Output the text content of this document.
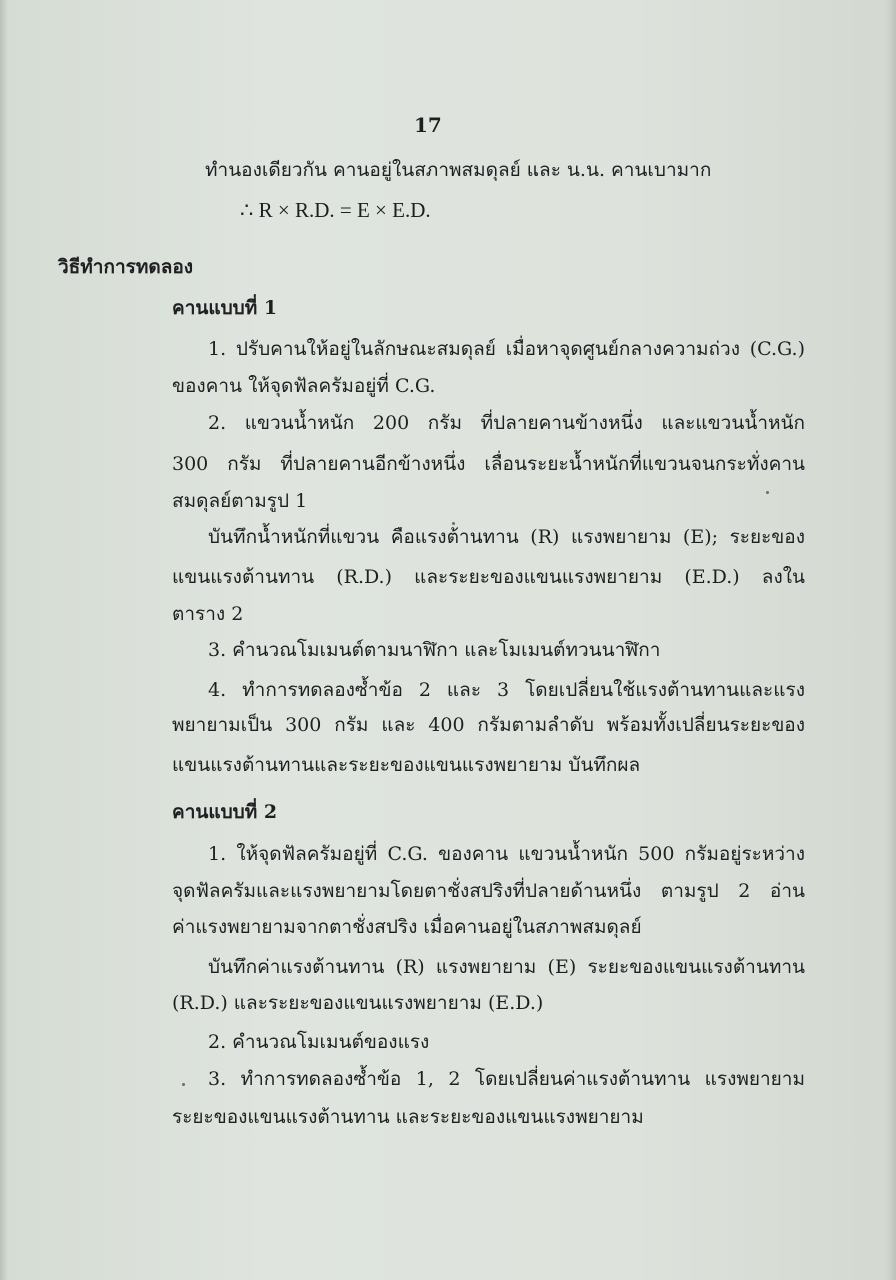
17
ทำนองเดียวกัน คานอยู่ในสภาพสมดุลย์ และ น.น. คานเบามาก
∴ R × R.D. = E × E.D.
วิธีทำการทดลอง
คานแบบที่ 1
1. ปรับคานให้อยู่ในลักษณะสมดุลย์ เมื่อหาจุดศูนย์กลางความถ่วง (C.G.)
ของคาน ให้จุดฟัลครัมอยู่ที่ C.G.
2. แขวนน้ำหนัก 200 กรัม ที่ปลายคานข้างหนึ่ง และแขวนน้ำหนัก
300 กรัม ที่ปลายคานอีกข้างหนึ่ง เลื่อนระยะน้ำหนักที่แขวนจนกระทั่งคาน
สมดุลย์ตามรูป 1
บันทึกน้ำหนักที่แขวน คือแรงต้านทาน (R) แรงพยายาม (E); ระยะของ
แขนแรงต้านทาน (R.D.) และระยะของแขนแรงพยายาม (E.D.) ลงใน
ตาราง 2
3. คำนวณโมเมนต์ตามนาฬิกา และโมเมนต์ทวนนาฬิกา
4. ทำการทดลองซ้ำข้อ 2 และ 3 โดยเปลี่ยนใช้แรงต้านทานและแรง
พยายามเป็น 300 กรัม และ 400 กรัมตามลำดับ พร้อมทั้งเปลี่ยนระยะของ
แขนแรงต้านทานและระยะของแขนแรงพยายาม บันทึกผล
คานแบบที่ 2
1. ให้จุดฟัลครัมอยู่ที่ C.G. ของคาน แขวนน้ำหนัก 500 กรัมอยู่ระหว่าง
จุดฟัลครัมและแรงพยายามโดยตาชั่งสปริงที่ปลายด้านหนึ่ง ตามรูป 2 อ่าน
ค่าแรงพยายามจากตาชั่งสปริง เมื่อคานอยู่ในสภาพสมดุลย์
บันทึกค่าแรงต้านทาน (R) แรงพยายาม (E) ระยะของแขนแรงต้านทาน
(R.D.) และระยะของแขนแรงพยายาม (E.D.)
2. คำนวณโมเมนต์ของแรง
3. ทำการทดลองซ้ำข้อ 1, 2 โดยเปลี่ยนค่าแรงต้านทาน แรงพยายาม
ระยะของแขนแรงต้านทาน และระยะของแขนแรงพยายาม
